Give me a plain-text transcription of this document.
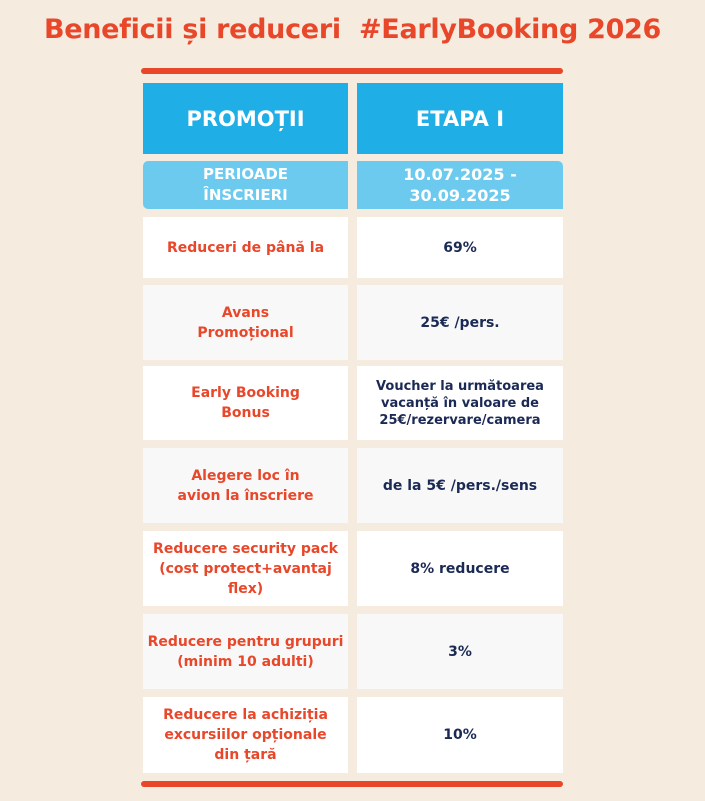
Beneficii și reduceri  #EarlyBooking 2026
PROMOȚII	ETAPA I
PERIOADE
ÎNSCRIERI
10.07.2025 - 30.09.2025
Reduceri de până la	69%
Avans
Promoțional
25€ /pers.
Early Booking
Bonus
Voucher la următoarea
vacanță în valoare de
25€/rezervare/camera
Alegere loc în
avion la înscriere
de la 5€ /pers./sens
Reducere security pack
(cost protect+avantaj flex)
8% reducere
Reducere pentru grupuri
(minim 10 adulti)
3%
Reducere la achiziția
excursiilor opționale
din țară
10%
